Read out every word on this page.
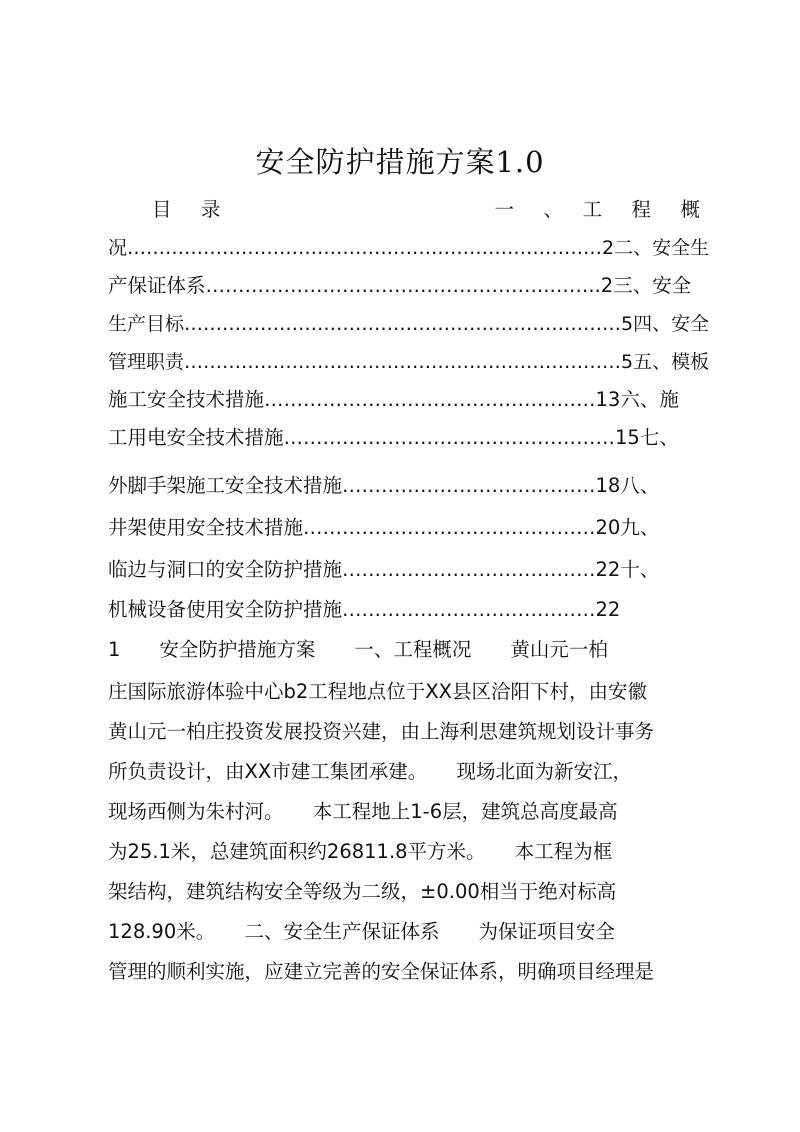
安全防护措施方案1.0
目　录　　　　　　　　　　　一　、　工　程　概
况…………………………………………………………………2二、安全生
产保证体系……………………………………………..……..2三、安全
生产目标……………………………………………………………5四、安全
管理职责……………………………………………………………5五、模板
施工安全技术措施……………………………………………13六、施
工用电安全技术措施……………………………………………15七、
外脚手架施工安全技术措施…………………………………18八、
井架使用安全技术措施………………………………………20九、
临边与洞口的安全防护措施…………………………………22十、
机械设备使用安全防护措施…………………………………22
1　　安全防护措施方案　　一、工程概况　　黄山元一柏
庄国际旅游体验中心b2工程地点位于XX县区洽阳下村，由安徽
黄山元一柏庄投资发展投资兴建，由上海利思建筑规划设计事务
所负责设计，由XX市建工集团承建。　　现场北面为新安江，
现场西侧为朱村河。　　本工程地上1-6层，建筑总高度最高
为25.1米，总建筑面积约26811.8平方米。　　本工程为框
架结构，建筑结构安全等级为二级，±0.00相当于绝对标高
128.90米。　　二、安全生产保证体系　　为保证项目安全
管理的顺利实施，应建立完善的安全保证体系，明确项目经理是
